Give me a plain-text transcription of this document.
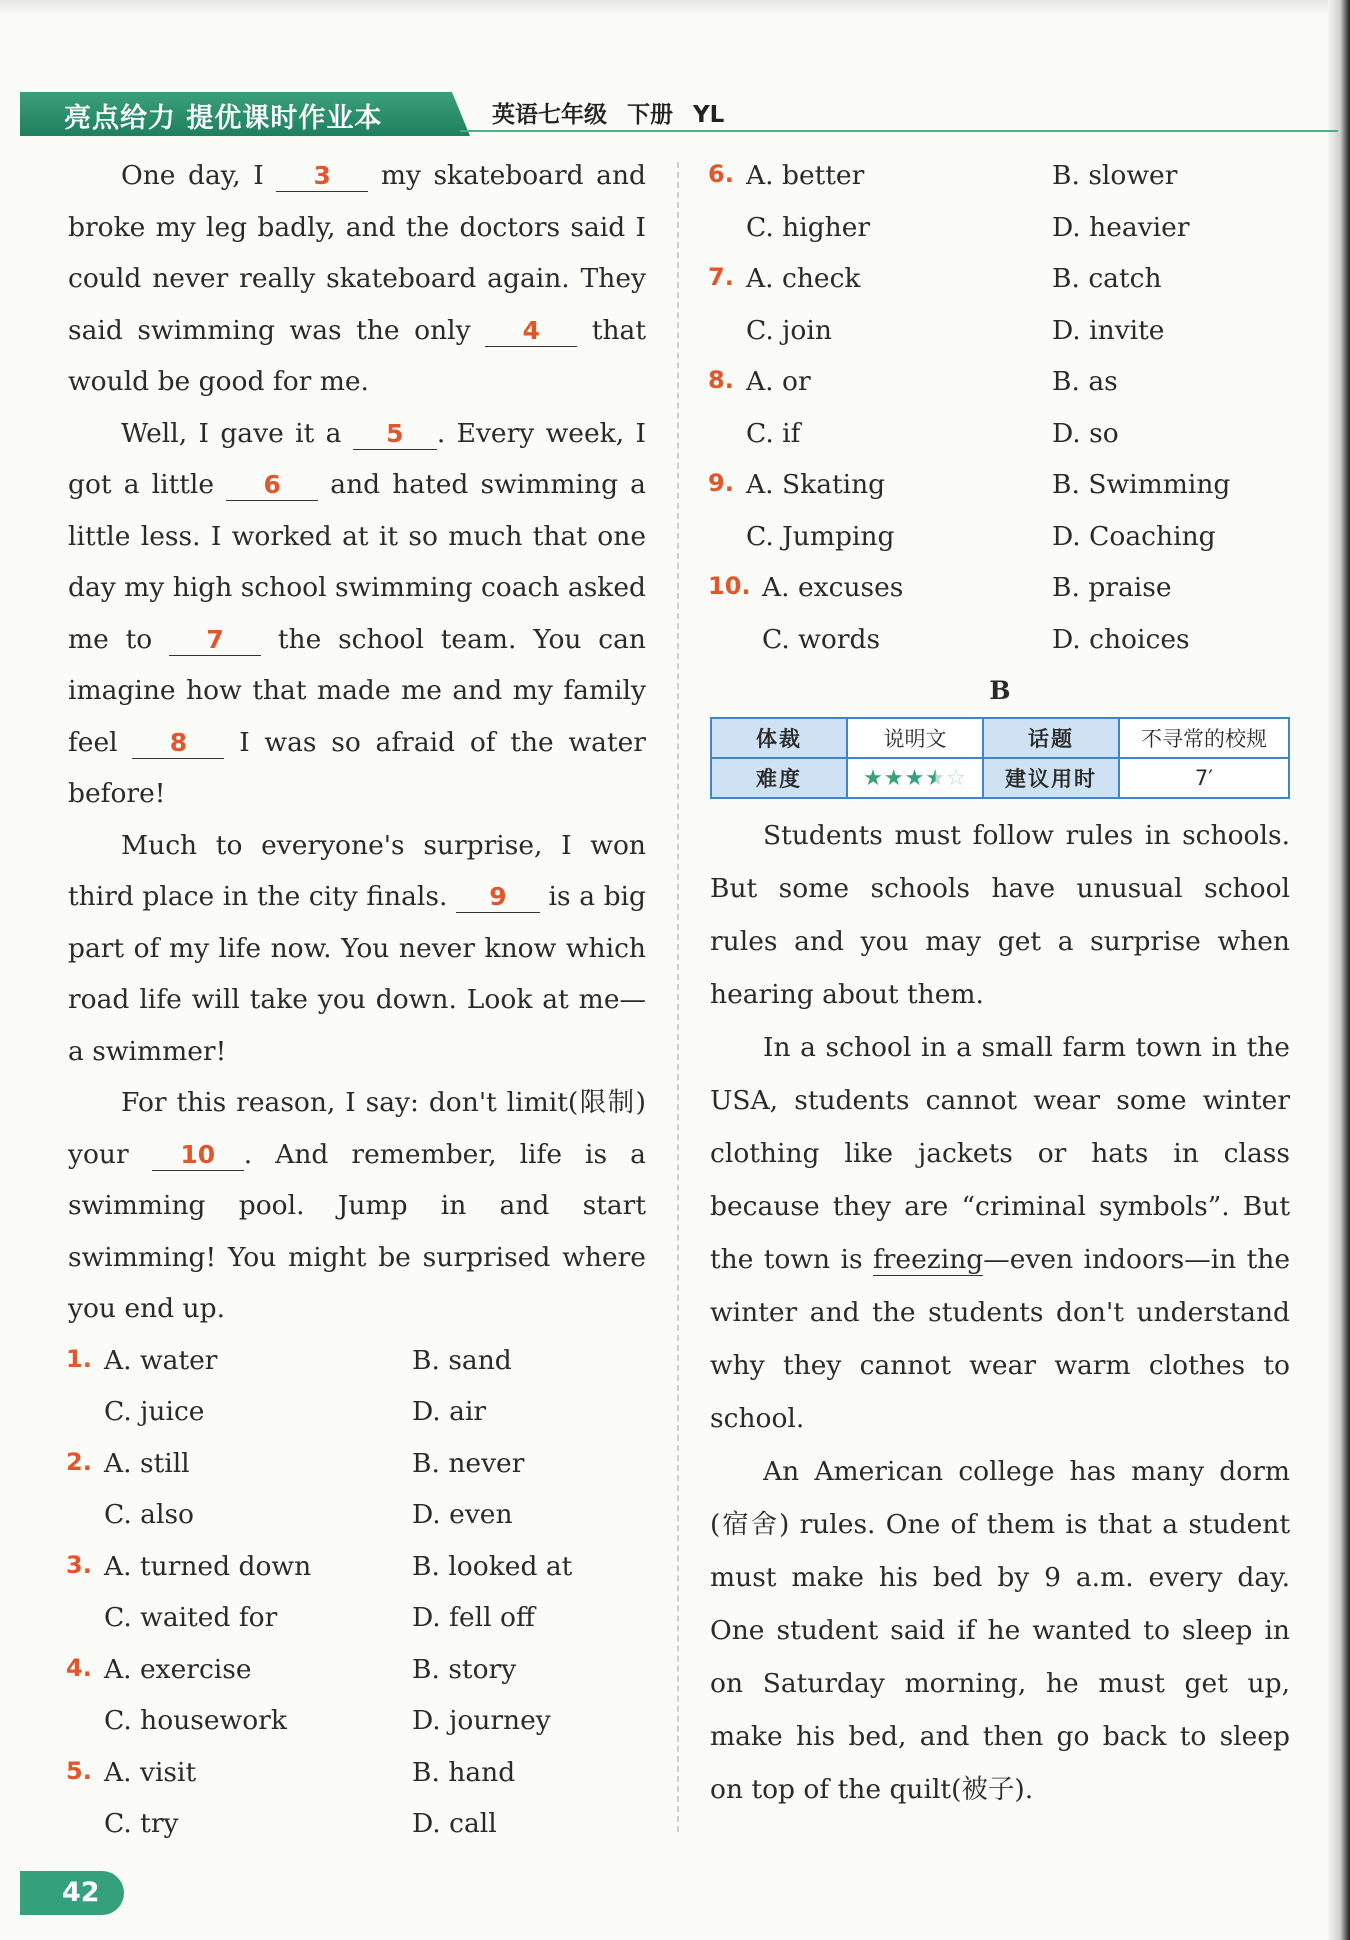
亮点给力 提优课时作业本	英语七年级 下册 YL

One day, I 3 my skateboard and broke my leg badly, and the doctors said I could never really skateboard again. They said swimming was the only 4 that would be good for me.

Well, I gave it a 5 . Every week, I got a little 6 and hated swimming a little less. I worked at it so much that one day my high school swimming coach asked me to 7 the school team. You can imagine how that made me and my family feel 8 I was so afraid of the water before!

Much to everyone's surprise, I won third place in the city finals. 9 is a big part of my life now. You never know which road life will take you down. Look at me—a swimmer!

For this reason, I say: don't limit(限制) your 10 . And remember, life is a swimming pool. Jump in and start swimming! You might be surprised where you end up.

1. A. water	B. sand
C. juice	D. air
2. A. still	B. never
C. also	D. even
3. A. turned down	B. looked at
C. waited for	D. fell off
4. A. exercise	B. story
C. housework	D. journey
5. A. visit	B. hand
C. try	D. call
6. A. better	B. slower
C. higher	D. heavier
7. A. check	B. catch
C. join	D. invite
8. A. or	B. as
C. if	D. so
9. A. Skating	B. Swimming
C. Jumping	D. Coaching
10. A. excuses	B. praise
C. words	D. choices
B
体裁	说明文	话题	不寻常的校规
难度	★★★★☆	建议用时	7′

Students must follow rules in schools. But some schools have unusual school rules and you may get a surprise when hearing about them.

In a school in a small farm town in the USA, students cannot wear some winter clothing like jackets or hats in class because they are “criminal symbols”. But the town is freezing—even indoors—in the winter and the students don't understand why they cannot wear warm clothes to school.

An American college has many dorm (宿舍) rules. One of them is that a student must make his bed by 9 a.m. every day. One student said if he wanted to sleep in on Saturday morning, he must get up, make his bed, and then go back to sleep on top of the quilt(被子).

42
